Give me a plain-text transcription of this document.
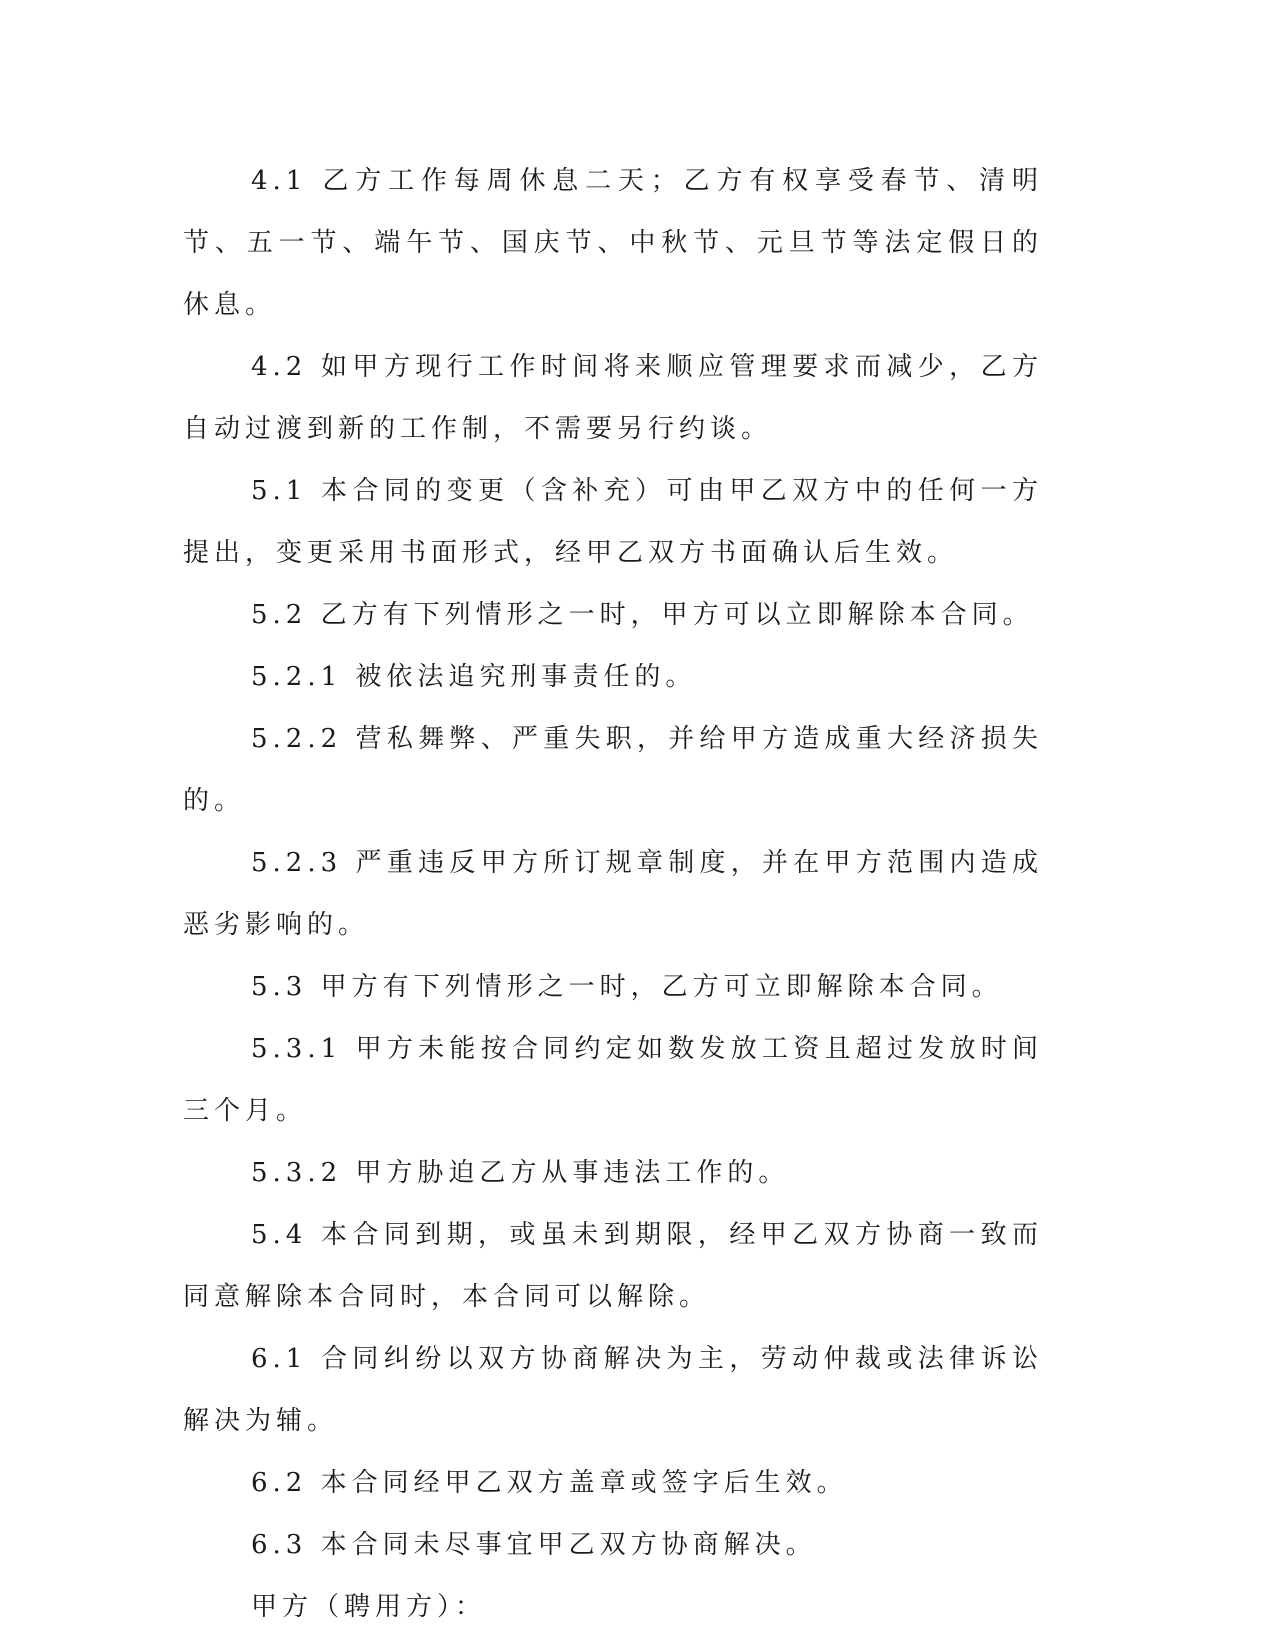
4.1 乙方工作每周休息二天；乙方有权享受春节、清明节、五一节、端午节、国庆节、中秋节、元旦节等法定假日的休息。

4.2 如甲方现行工作时间将来顺应管理要求而减少，乙方自动过渡到新的工作制，不需要另行约谈。

5.1 本合同的变更（含补充）可由甲乙双方中的任何一方提出，变更采用书面形式，经甲乙双方书面确认后生效。

5.2 乙方有下列情形之一时，甲方可以立即解除本合同。

5.2.1 被依法追究刑事责任的。

5.2.2 营私舞弊、严重失职，并给甲方造成重大经济损失的。

5.2.3 严重违反甲方所订规章制度，并在甲方范围内造成恶劣影响的。

5.3 甲方有下列情形之一时，乙方可立即解除本合同。

5.3.1 甲方未能按合同约定如数发放工资且超过发放时间三个月。

5.3.2 甲方胁迫乙方从事违法工作的。

5.4 本合同到期，或虽未到期限，经甲乙双方协商一致而同意解除本合同时，本合同可以解除。

6.1 合同纠纷以双方协商解决为主，劳动仲裁或法律诉讼解决为辅。

6.2 本合同经甲乙双方盖章或签字后生效。

6.3 本合同未尽事宜甲乙双方协商解决。

甲方（聘用方）：
